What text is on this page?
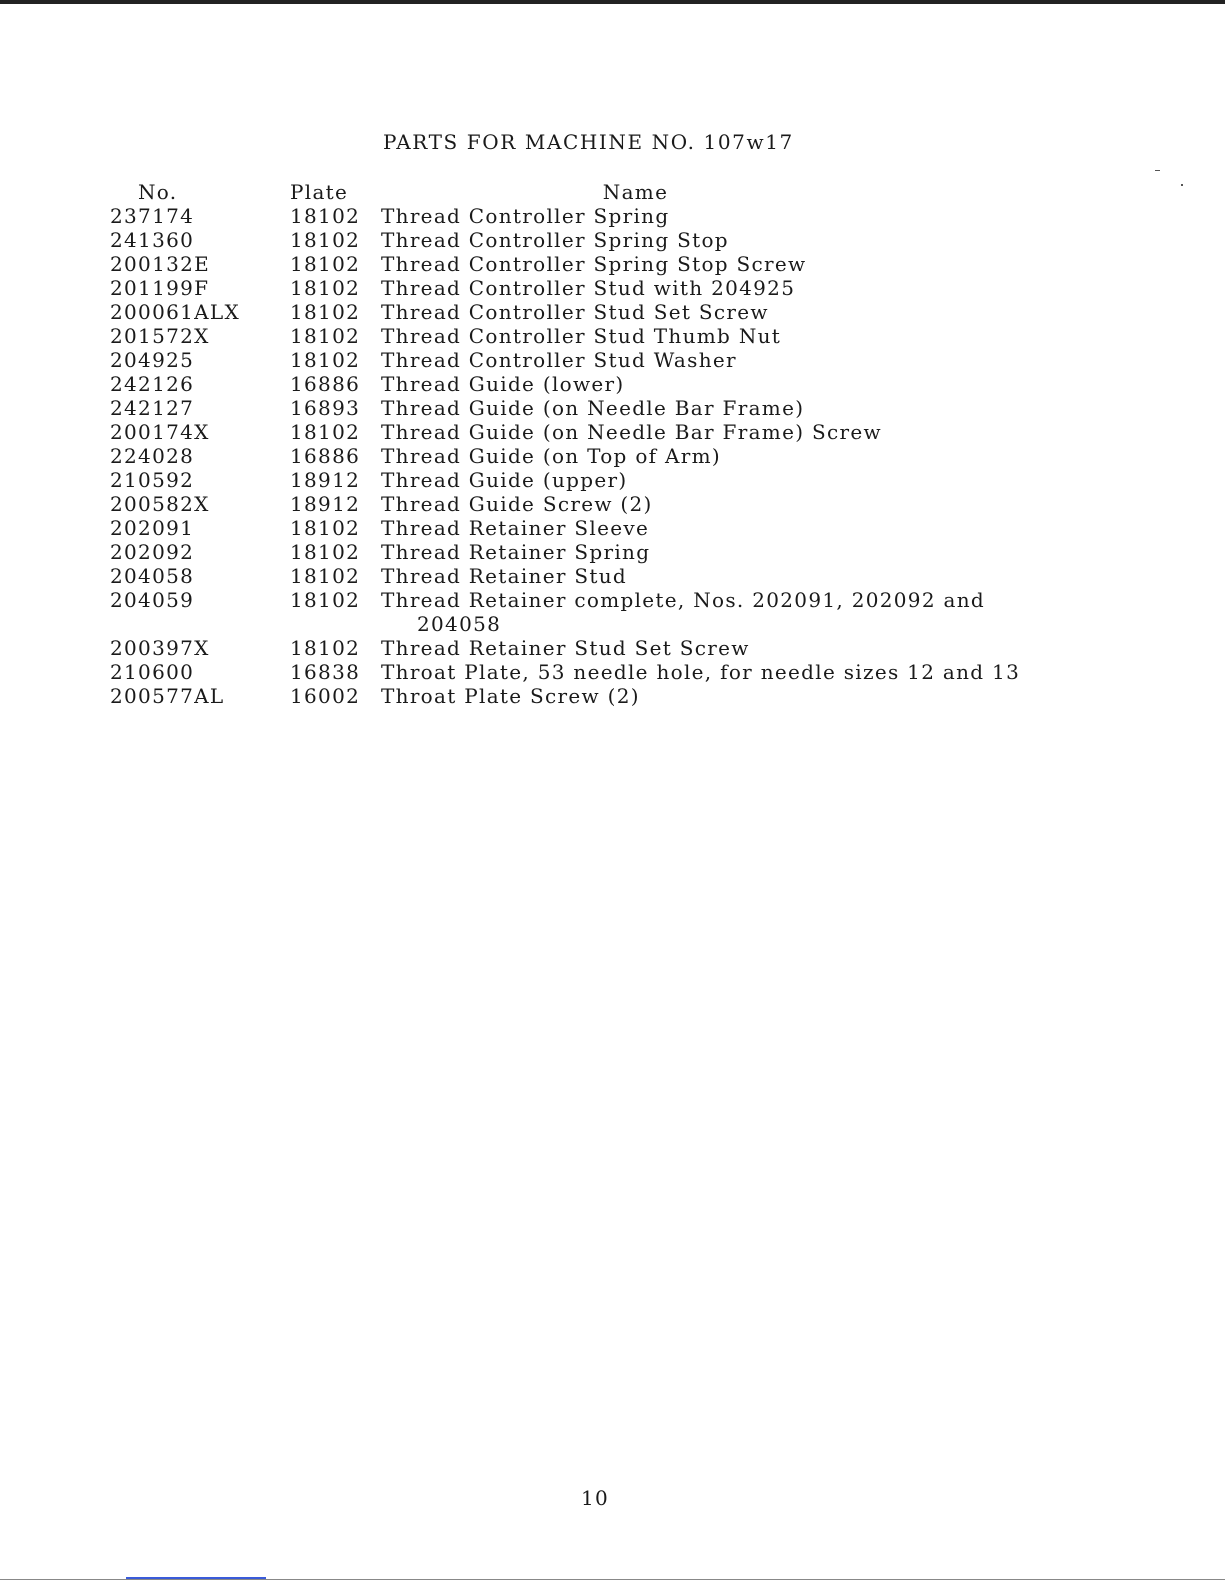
PARTS FOR MACHINE NO. 107w17
No.	Plate	Name
237174	18102	Thread Controller Spring
241360	18102	Thread Controller Spring Stop
200132E	18102	Thread Controller Spring Stop Screw
201199F	18102	Thread Controller Stud with 204925
200061ALX	18102	Thread Controller Stud Set Screw
201572X	18102	Thread Controller Stud Thumb Nut
204925	18102	Thread Controller Stud Washer
242126	16886	Thread Guide (lower)
242127	16893	Thread Guide (on Needle Bar Frame)
200174X	18102	Thread Guide (on Needle Bar Frame) Screw
224028	16886	Thread Guide (on Top of Arm)
210592	18912	Thread Guide (upper)
200582X	18912	Thread Guide Screw (2)
202091	18102	Thread Retainer Sleeve
202092	18102	Thread Retainer Spring
204058	18102	Thread Retainer Stud
204059	18102	Thread Retainer complete, Nos. 202091, 202092 and 204058
200397X	18102	Thread Retainer Stud Set Screw
210600	16838	Throat Plate, 53 needle hole, for needle sizes 12 and 13
200577AL	16002	Throat Plate Screw (2)
10
